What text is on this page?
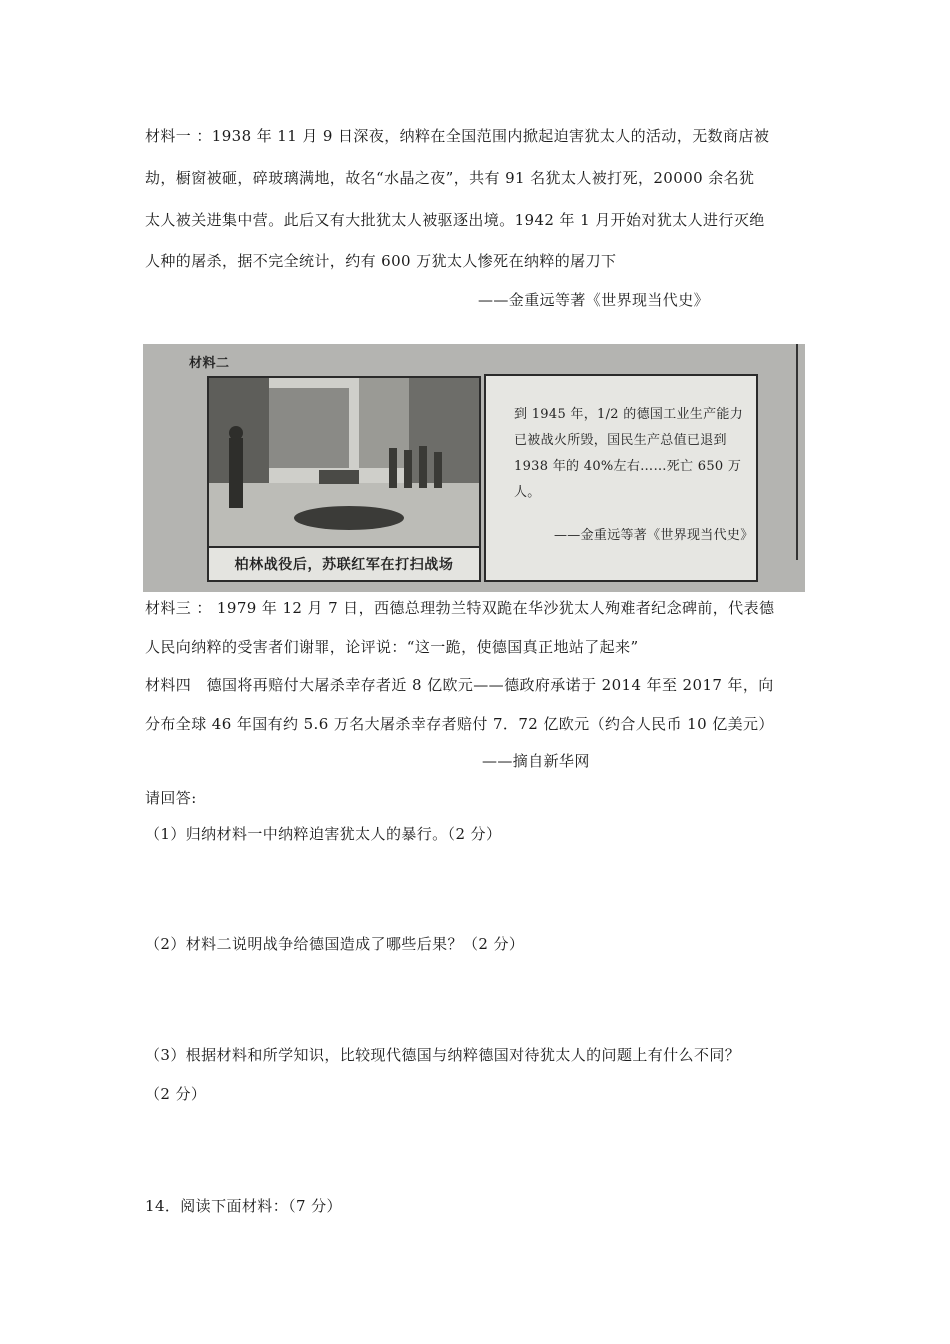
材料一 ：1938 年 11 月 9 日深夜，纳粹在全国范围内掀起迫害犹太人的活动，无数商店被
劫，橱窗被砸，碎玻璃满地，故名“水晶之夜”，共有 91 名犹太人被打死，20000 余名犹
太人被关进集中营。此后又有大批犹太人被驱逐出境。1942 年 1 月开始对犹太人进行灭绝
人种的屠杀，据不完全统计，约有 600 万犹太人惨死在纳粹的屠刀下
——金重远等著《世界现当代史》
材料二
柏林战役后，苏联红军在打扫战场
到 1945 年，1/2 的德国工业生产能力已被战火所毁，国民生产总值已退到 1938 年的 40%左右……死亡 650 万人。
——金重远等著《世界现当代史》
材料三 ： 1979 年 12 月 7 日，西德总理勃兰特双跪在华沙犹太人殉难者纪念碑前，代表德
人民向纳粹的受害者们谢罪，论评说：“这一跪，使德国真正地站了起来”
材料四　德国将再赔付大屠杀幸存者近 8 亿欧元——德政府承诺于 2014 年至 2017 年，向
分布全球 46 年国有约 5.6 万名大屠杀幸存者赔付 7．72 亿欧元（约合人民币 10 亿美元）
——摘自新华网
请回答:
（1）归纳材料一中纳粹迫害犹太人的暴行。（2 分）
（2）材料二说明战争给德国造成了哪些后果？（2 分）
（3）根据材料和所学知识，比较现代德国与纳粹德国对待犹太人的问题上有什么不同？
（2 分）
14．阅读下面材料：（7 分）
